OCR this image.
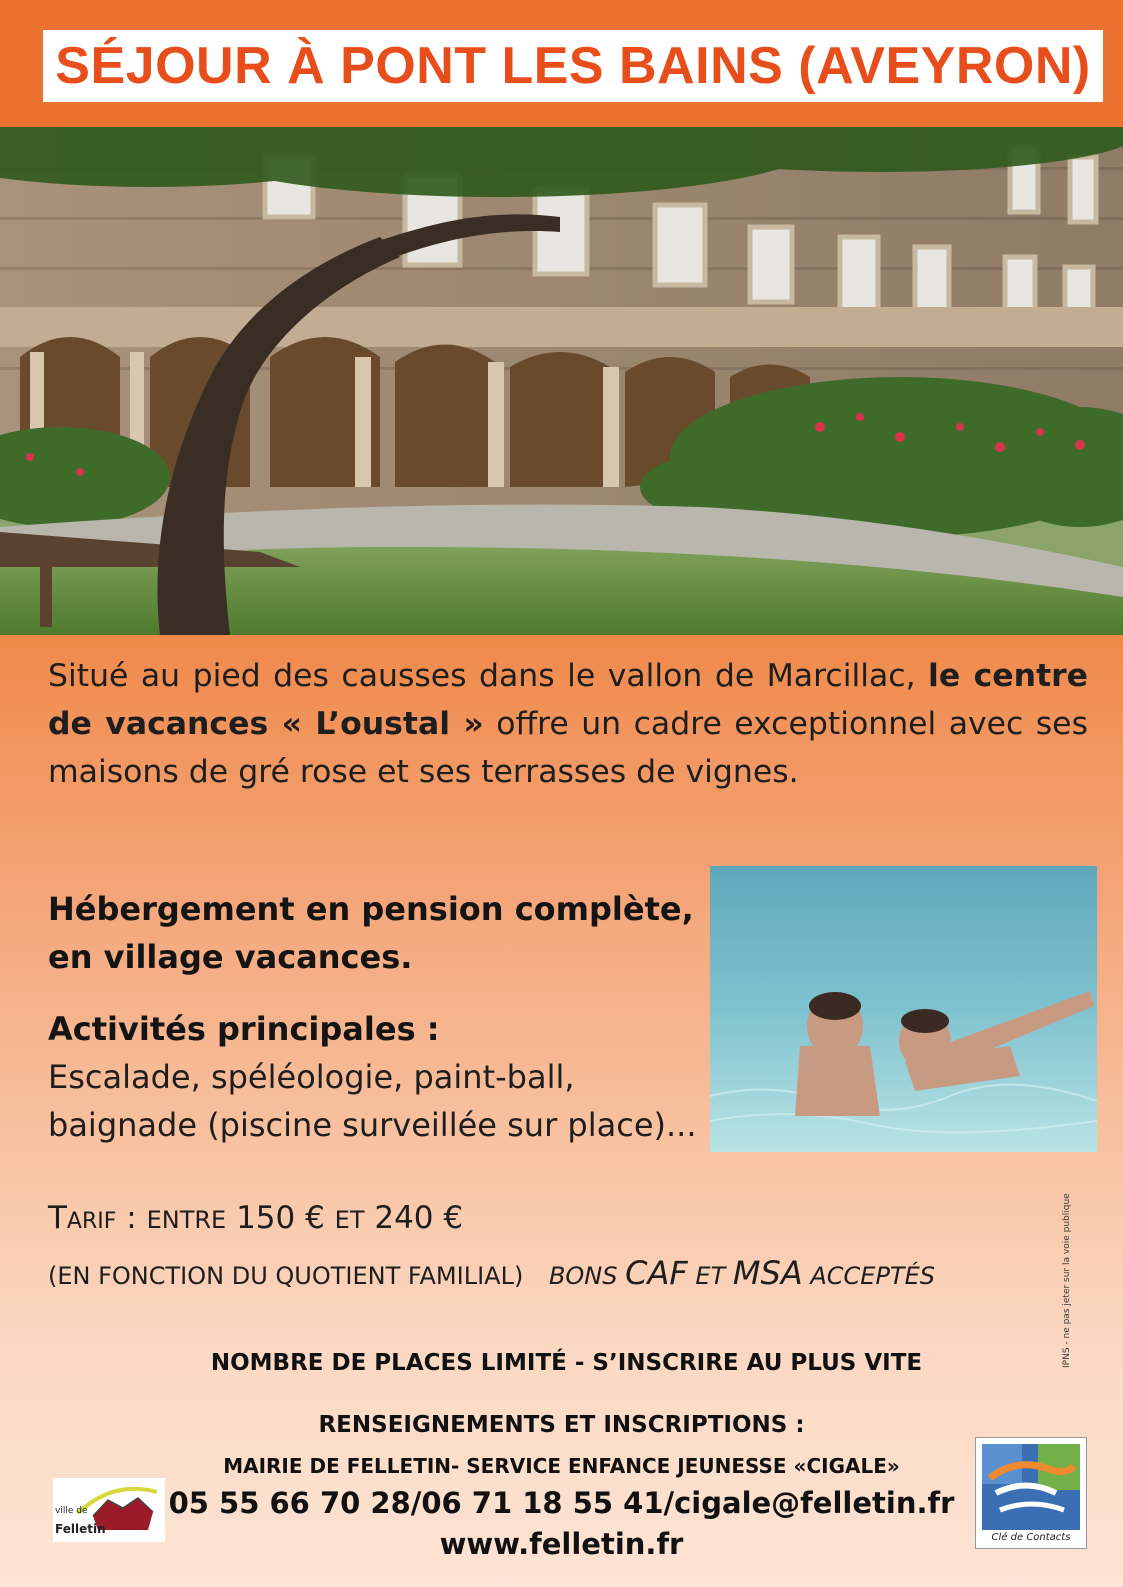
SÉJOUR À PONT LES BAINS (AVEYRON)
Situé au pied des causses dans le vallon de Marcillac, le centre de vacances « L’oustal » offre un cadre exceptionnel avec ses maisons de gré rose et ses terrasses de vignes.
Hébergement en pension complète,
en village vacances.
Activités principales :
Escalade, spéléologie, paint-ball,
baignade (piscine surveillée sur place)...
Tarif : ENTRE 150 € ET 240 €
(EN FONCTION DU QUOTIENT FAMILIAL) BONS CAF ET MSA ACCEPTÉS	IPNS - ne pas jeter sur la voie publique
NOMBRE DE PLACES LIMITÉ - S’INSCRIRE AU PLUS VITE
RENSEIGNEMENTS ET INSCRIPTIONS :
MAIRIE DE FELLETIN- SERVICE ENFANCE JEUNESSE «CIGALE»
05 55 66 70 28/06 71 18 55 41/cigale@felletin.fr
www.felletin.fr
ville de
Felletin
Clé de Contacts
